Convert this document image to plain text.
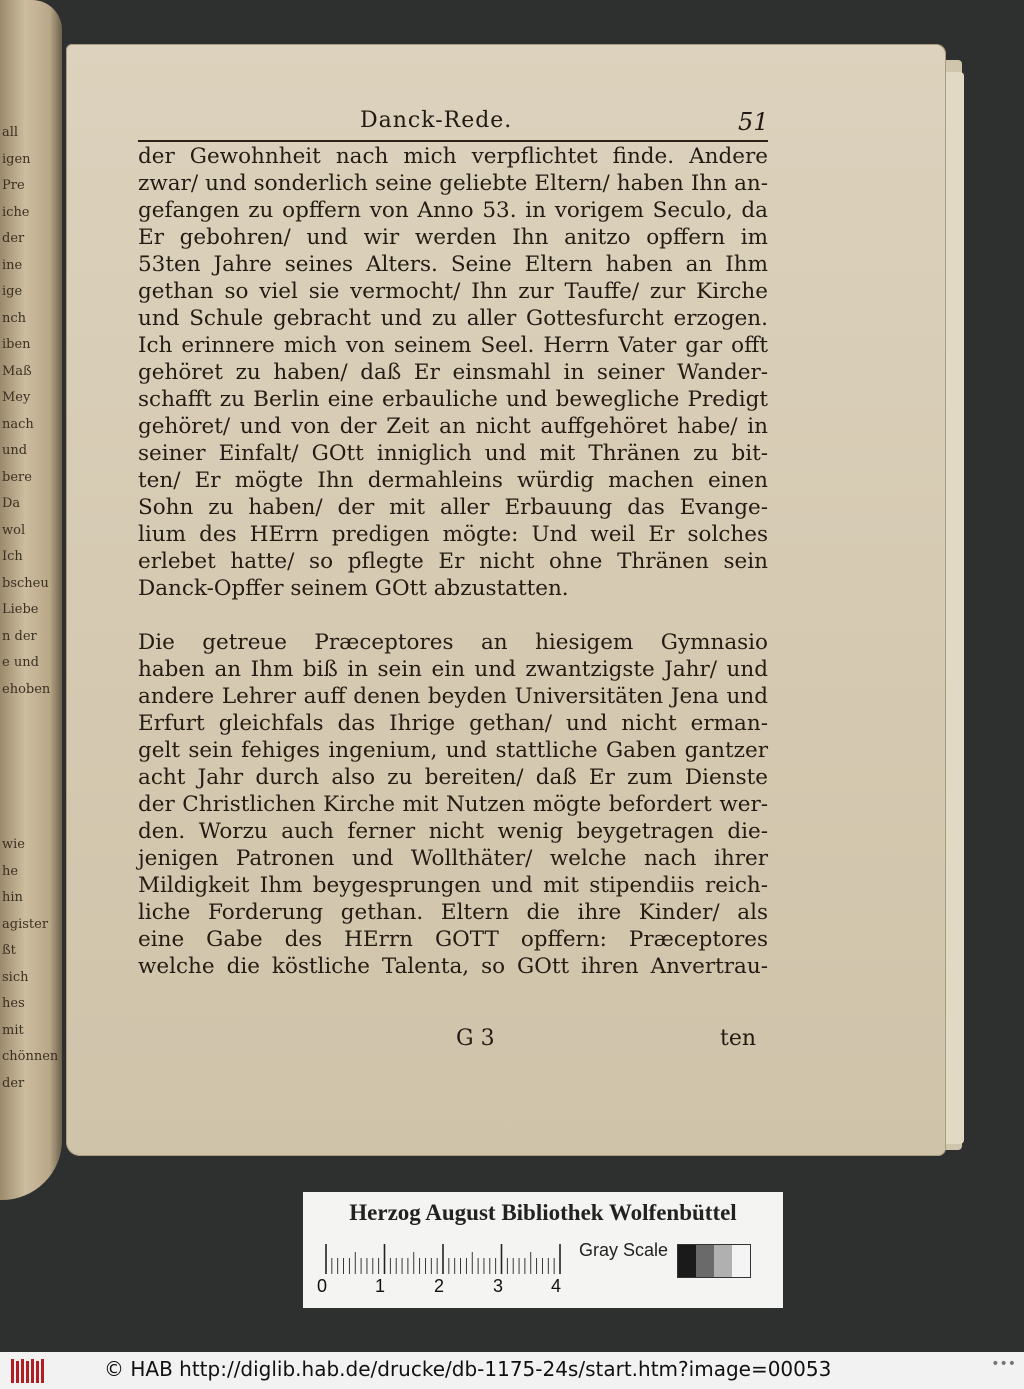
all
igen
Pre
iche
der
ine
ige
nch
iben
Maß
Mey
nach
und
bere
Da
wol
Ich
bscheu
Liebe
n der
e und
ehoben
wie
he hin
agister
ßt sich
hes mit
chönnen
der
Danck-Rede.	51
der Gewohnheit nach mich verpflichtet finde. Andere
zwar/ und sonderlich seine geliebte Eltern/ haben Ihn an-
gefangen zu opffern von Anno 53. in vorigem Seculo, da
Er gebohren/ und wir werden Ihn anitzo opffern im
53ten Jahre seines Alters. Seine Eltern haben an Ihm
gethan so viel sie vermocht/ Ihn zur Tauffe/ zur Kirche
und Schule gebracht und zu aller Gottesfurcht erzogen.
Ich erinnere mich von seinem Seel. Herrn Vater gar offt
gehöret zu haben/ daß Er einsmahl in seiner Wander-
schafft zu Berlin eine erbauliche und bewegliche Predigt
gehöret/ und von der Zeit an nicht auffgehöret habe/ in
seiner Einfalt/ GOtt inniglich und mit Thränen zu bit-
ten/ Er mögte Ihn dermahleins würdig machen einen
Sohn zu haben/ der mit aller Erbauung das Evange-
lium des HErrn predigen mögte: Und weil Er solches
erlebet hatte/ so pflegte Er nicht ohne Thränen sein
Danck-Opffer seinem GOtt abzustatten.
Die getreue Præceptores an hiesigem Gymnasio
haben an Ihm biß in sein ein und zwantzigste Jahr/ und
andere Lehrer auff denen beyden Universitäten Jena und
Erfurt gleichfals das Ihrige gethan/ und nicht erman-
gelt sein fehiges ingenium, und stattliche Gaben gantzer
acht Jahr durch also zu bereiten/ daß Er zum Dienste
der Christlichen Kirche mit Nutzen mögte befordert wer-
den. Worzu auch ferner nicht wenig beygetragen die-
jenigen Patronen und Wollthäter/ welche nach ihrer
Mildigkeit Ihm beygesprungen und mit stipendiis reich-
liche Forderung gethan. Eltern die ihre Kinder/ als
eine Gabe des HErrn GOTT opffern: Præceptores
welche die köstliche Talenta, so GOtt ihren Anvertrau-
G 3	ten
Herzog August Bibliothek Wolfenbüttel
0	1	2	3	4
Gray Scale
© HAB http://diglib.hab.de/drucke/db-1175-24s/start.htm?image=00053	•••
